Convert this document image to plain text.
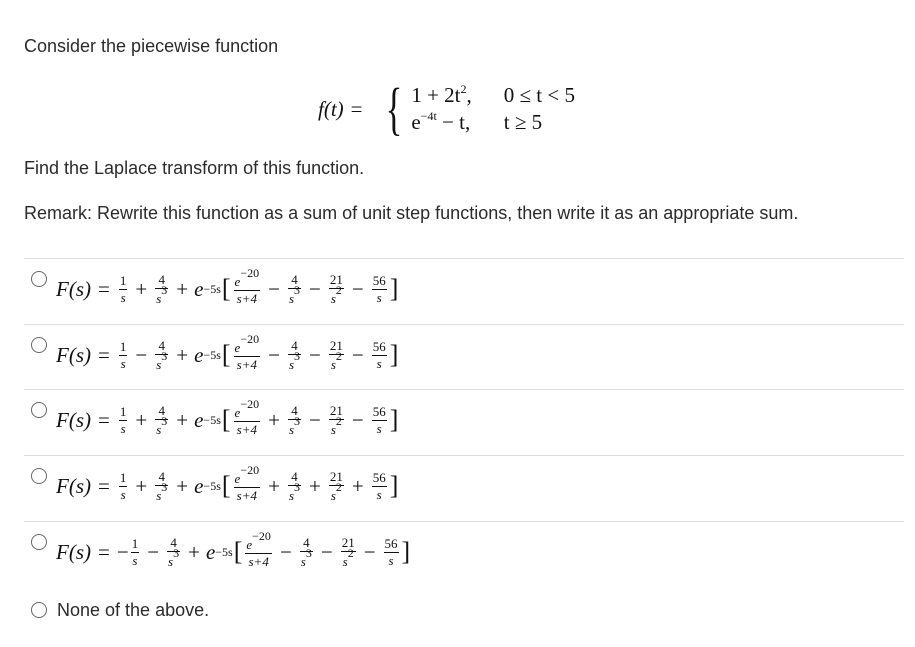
Consider the piecewise function
f(t) = { $1 + 2t^2$, 0 ≤ t < 5
$e^{-4t} - t$, t ≥ 5
Find the Laplace transform of this function.
Remark: Rewrite this function as a sum of unit step functions, then write it as an appropriate sum.
$F(s) = \frac{1}{s} + \frac{4}{s^3} + e -5s$ [ $\frac{e^{-20}}{s+4} - \frac{4}{s^3} - \frac{21}{s^2} - \frac{56}{s}$ ]
$F(s) = \frac{1}{s} - \frac{4}{s^3} + e -5s$ [ $\frac{e^{-20}}{s+4} - \frac{4}{s^3} - \frac{21}{s^2} - \frac{56}{s}$ ]
$F(s) = \frac{1}{s} + \frac{4}{s^3} + e -5s$ [ $\frac{e^{-20}}{s+4} + \frac{4}{s^3} - \frac{21}{s^2} - \frac{56}{s}$ ]
$F(s) = \frac{1}{s} + \frac{4}{s^3} + e -5s$ [ $\frac{e^{-20}}{s+4} + \frac{4}{s^3} + \frac{21}{s^2} + \frac{56}{s}$ ]
F(s) = − $\frac{1}{s} - \frac{4}{s^3} + e -5s$ [ $\frac{e^{-20}}{s+4} - \frac{4}{s^3} - \frac{21}{s^2} - \frac{56}{s}$ ]
None of the above.
